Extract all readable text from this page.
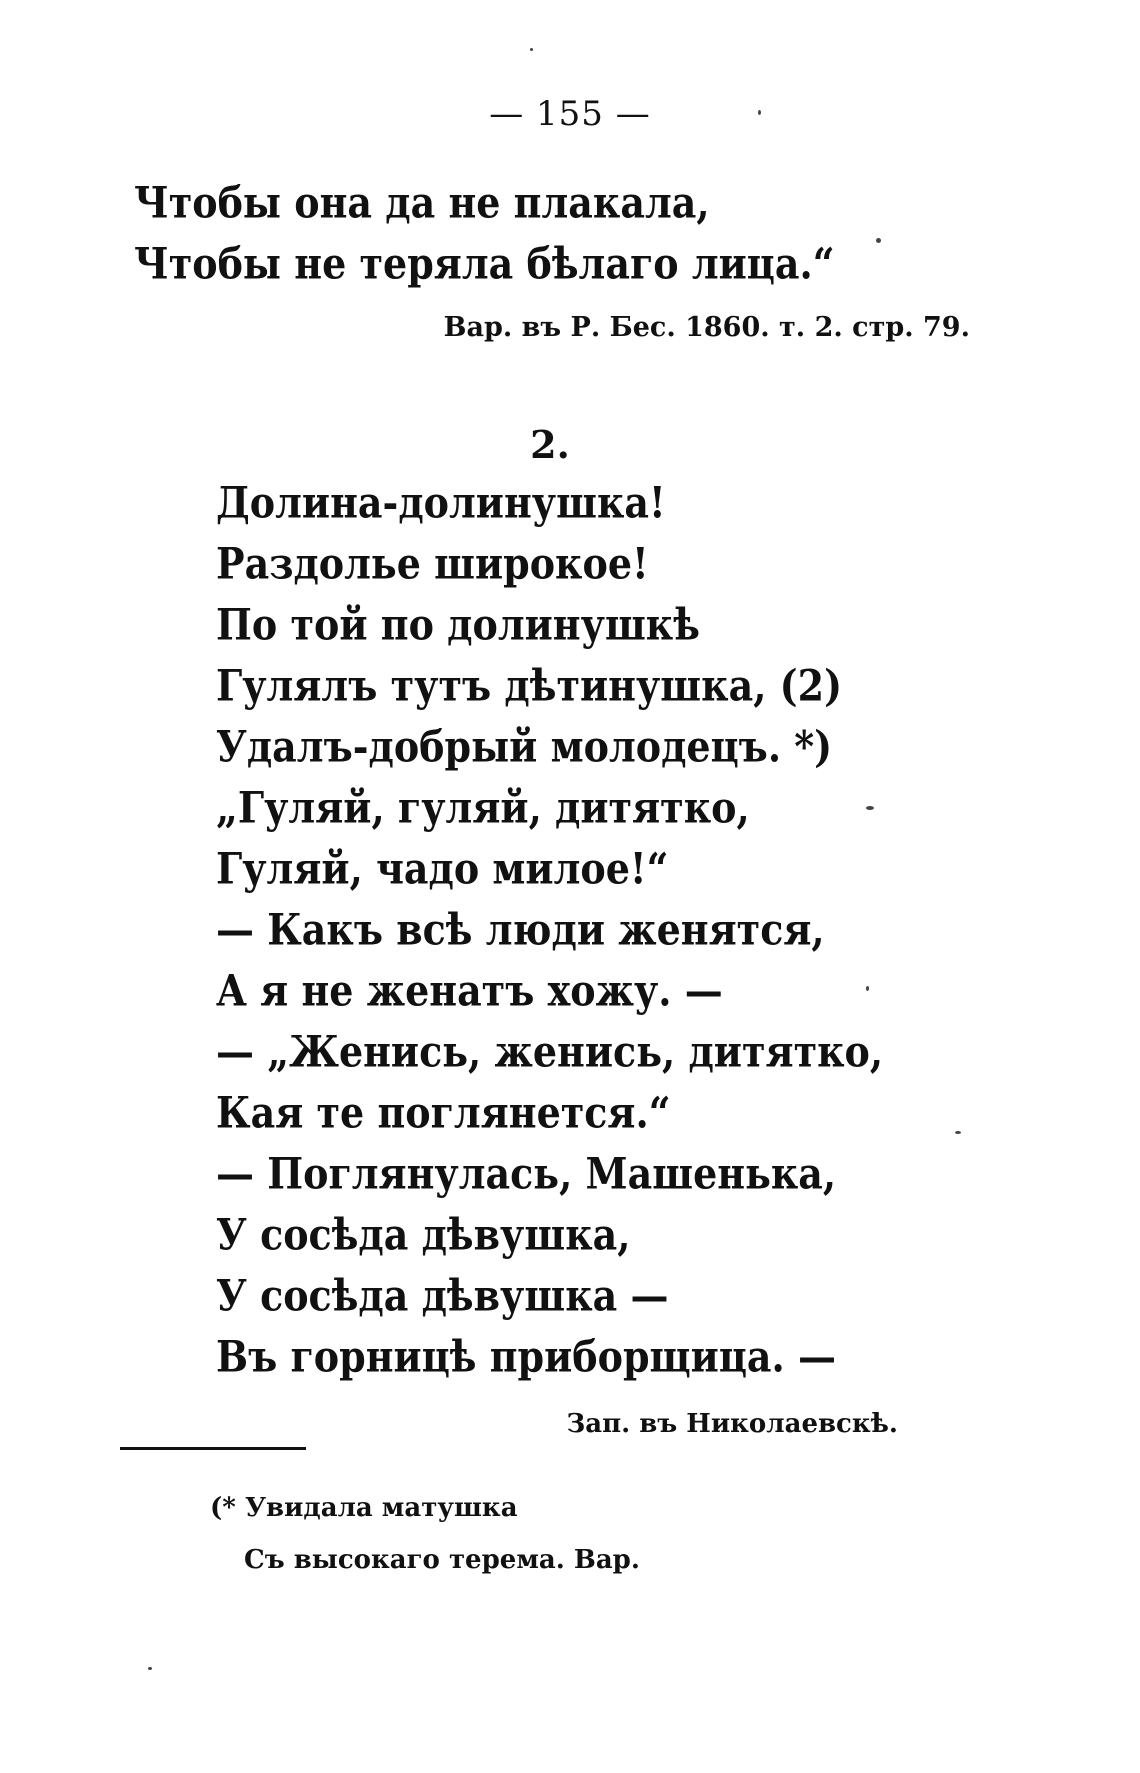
— 155 —
Чтобы она да не плакала,
Чтобы не теряла бѣлаго лица.“
Вар. въ Р. Бес. 1860. т. 2. стр. 79.
2.
Долина-долинушка!
Раздолье широкое!
По той по долинушкѣ
Гулялъ тутъ дѣтинушка, (2)
Удалъ-добрый молодецъ. *)
„Гуляй, гуляй, дитятко,
Гуляй, чадо милое!“
— Какъ всѣ люди женятся,
А я не женатъ хожу. —
— „Женись, женись, дитятко,
Кая те поглянется.“
— Поглянулась, Машенька,
У сосѣда дѣвушка,
У сосѣда дѣвушка —
Въ горницѣ приборщица. —
Зап. въ Николаевскѣ.
(* Увидала матушка
Съ высокаго терема. Вар.
